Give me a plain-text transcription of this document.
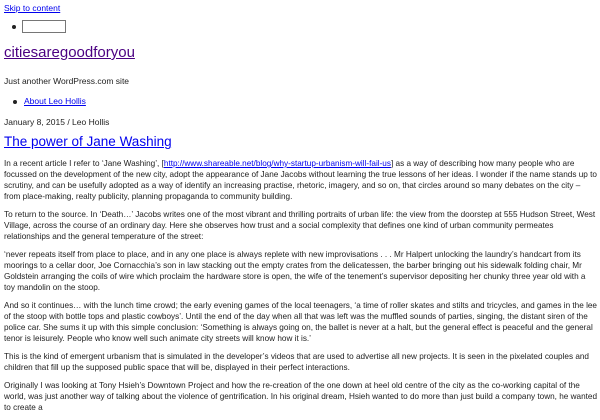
Skip to content
citiesaregoodforyou
Just another WordPress.com site
About Leo Hollis
January 8, 2015 / Leo Hollis
The power of Jane Washing

In a recent article I refer to ‘Jane Washing’, [http://www.shareable.net/blog/why-startup-urbanism-will-fail-us] as a way of describing how many people who are focussed on the development of the new city, adopt the appearance of Jane Jacobs without learning the true lessons of her ideas. I wonder if the name stands up to scrutiny, and can be usefully adopted as a way of identify an increasing practise, rhetoric, imagery, and so on, that circles around so many debates on the city – from place-making, realty publicity, planning propaganda to community building.

To return to the source. In ‘Death…’ Jacobs writes one of the most vibrant and thrilling portraits of urban life: the view from the doorstep at 555 Hudson Street, West Village, across the course of an ordinary day. Here she observes how trust and a social complexity that defines one kind of urban community permeates relationships and the general temperature of the street:

‘never repeats itself from place to place, and in any one place is always replete with new improvisations . . . Mr Halpert unlocking the laundry’s handcart from its moorings to a cellar door, Joe Cornacchia’s son in law stacking out the empty crates from the delicatessen, the barber bringing out his sidewalk folding chair, Mr Goldstein arranging the coils of wire which proclaim the hardware store is open, the wife of the tenement’s supervisor depositing her chunky three year old with a toy mandolin on the stoop.

And so it continues… with the lunch time crowd; the early evening games of the local teenagers, ‘a time of roller skates and stilts and tricycles, and games in the lee of the stoop with bottle tops and plastic cowboys’. Until the end of the day when all that was left was the muffled sounds of parties, singing, the distant siren of the police car. She sums it up with this simple conclusion: ‘Something is always going on, the ballet is never at a halt, but the general effect is peaceful and the general tenor is leisurely. People who know well such animate city streets will know how it is.’

This is the kind of emergent urbanism that is simulated in the developer’s videos that are used to advertise all new projects. It is seen in the pixelated couples and children that fill up the supposed public space that will be, displayed in their perfect interactions.

Originally I was looking at Tony Hsieh’s Downtown Project and how the re-creation of the one down at heel old centre of the city as the co-working capital of the world, was just another way of talking about the violence of gentrification. In his original dream, Hsieh wanted to do more than just build a company town, he wanted to create a
